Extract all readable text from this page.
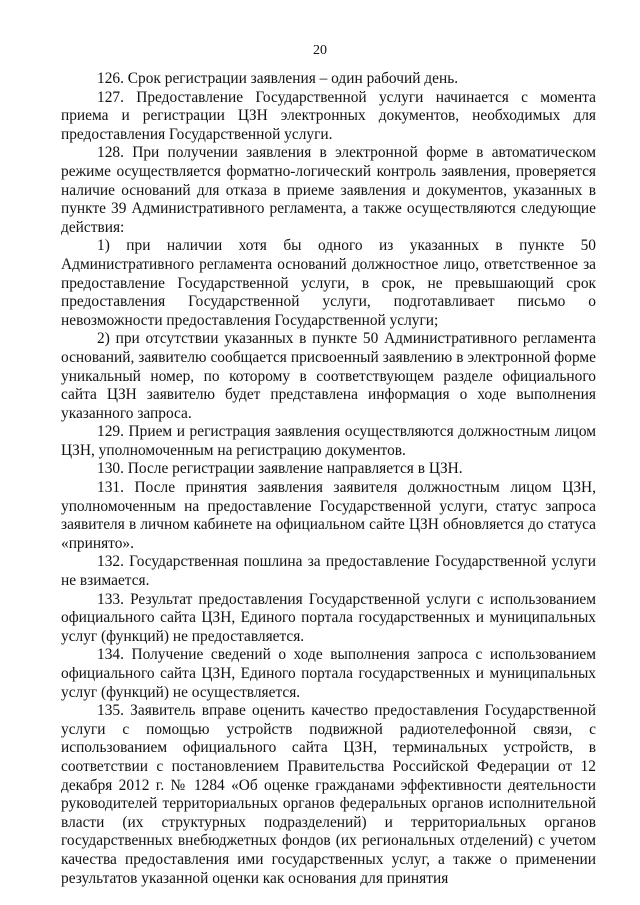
20

126. Срок регистрации заявления – один рабочий день.

127. Предоставление Государственной услуги начинается с момента приема и регистрации ЦЗН электронных документов, необходимых для предоставления Государственной услуги.

128. При получении заявления в электронной форме в автоматическом режиме осуществляется форматно-логический контроль заявления, проверяется наличие оснований для отказа в приеме заявления и документов, указанных в пункте 39 Административного регламента, а также осуществляются следующие действия:

1) при наличии хотя бы одного из указанных в пункте 50 Административного регламента оснований должностное лицо, ответственное за предоставление Государственной услуги, в срок, не превышающий срок предоставления Государственной услуги, подготавливает письмо о невозможности предоставления Государственной услуги;

2) при отсутствии указанных в пункте 50 Административного регламента оснований, заявителю сообщается присвоенный заявлению в электронной форме уникальный номер, по которому в соответствующем разделе официального сайта ЦЗН заявителю будет представлена информация о ходе выполнения указанного запроса.

129. Прием и регистрация заявления осуществляются должностным лицом ЦЗН, уполномоченным на регистрацию документов.

130. После регистрации заявление направляется в ЦЗН.

131. После принятия заявления заявителя должностным лицом ЦЗН, уполномоченным на предоставление Государственной услуги, статус запроса заявителя в личном кабинете на официальном сайте ЦЗН обновляется до статуса «принято».

132. Государственная пошлина за предоставление Государственной услуги не взимается.

133. Результат предоставления Государственной услуги с использованием официального сайта ЦЗН, Единого портала государственных и муниципальных услуг (функций) не предоставляется.

134. Получение сведений о ходе выполнения запроса с использованием официального сайта ЦЗН, Единого портала государственных и муниципальных услуг (функций) не осуществляется.

135. Заявитель вправе оценить качество предоставления Государственной услуги с помощью устройств подвижной радиотелефонной связи, с использованием официального сайта ЦЗН, терминальных устройств, в соответствии с постановлением Правительства Российской Федерации от 12 декабря 2012 г. № 1284 «Об оценке гражданами эффективности деятельности руководителей территориальных органов федеральных органов исполнительной власти (их структурных подразделений) и территориальных органов государственных внебюджетных фондов (их региональных отделений) с учетом качества предоставления ими государственных услуг, а также о применении результатов указанной оценки как основания для принятия
